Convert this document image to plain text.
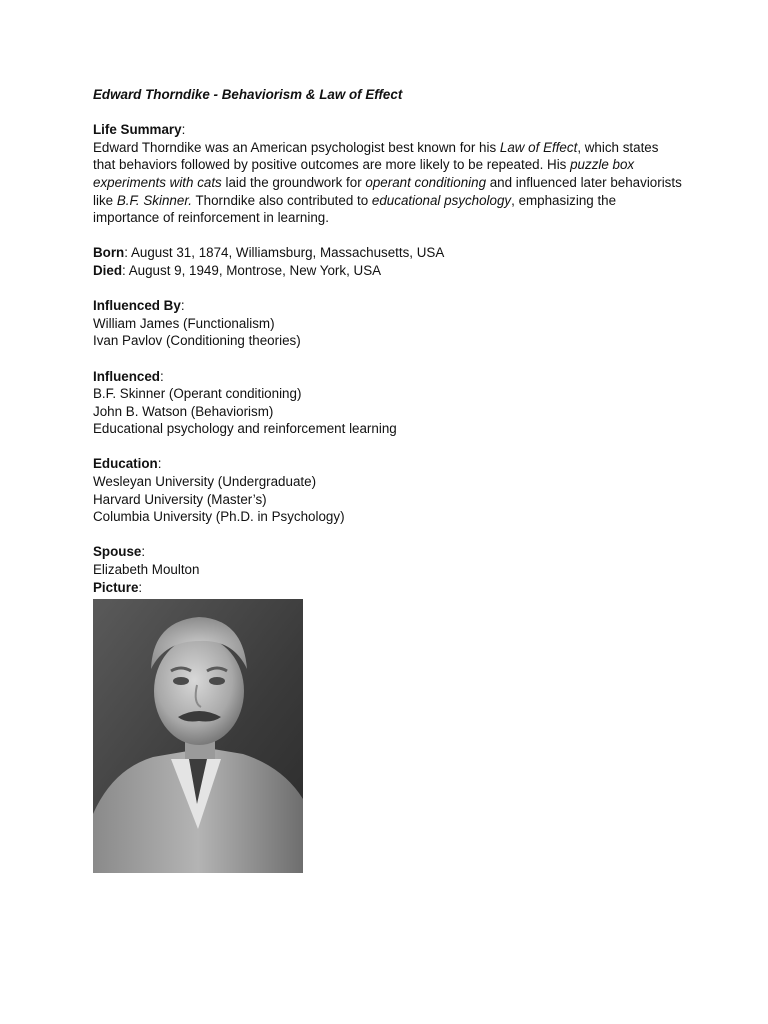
Edward Thorndike - Behaviorism & Law of Effect

Life Summary:

Edward Thorndike was an American psychologist best known for his Law of Effect, which states that behaviors followed by positive outcomes are more likely to be repeated. His puzzle box experiments with cats laid the groundwork for operant conditioning and influenced later behaviorists like B.F. Skinner. Thorndike also contributed to educational psychology, emphasizing the importance of reinforcement in learning.

Born: August 31, 1874, Williamsburg, Massachusetts, USA

Died: August 9, 1949, Montrose, New York, USA

Influenced By:

William James (Functionalism)

Ivan Pavlov (Conditioning theories)

Influenced:

B.F. Skinner (Operant conditioning)

John B. Watson (Behaviorism)

Educational psychology and reinforcement learning

Education:

Wesleyan University (Undergraduate)

Harvard University (Master’s)

Columbia University (Ph.D. in Psychology)

Spouse:

Elizabeth Moulton

Picture:
